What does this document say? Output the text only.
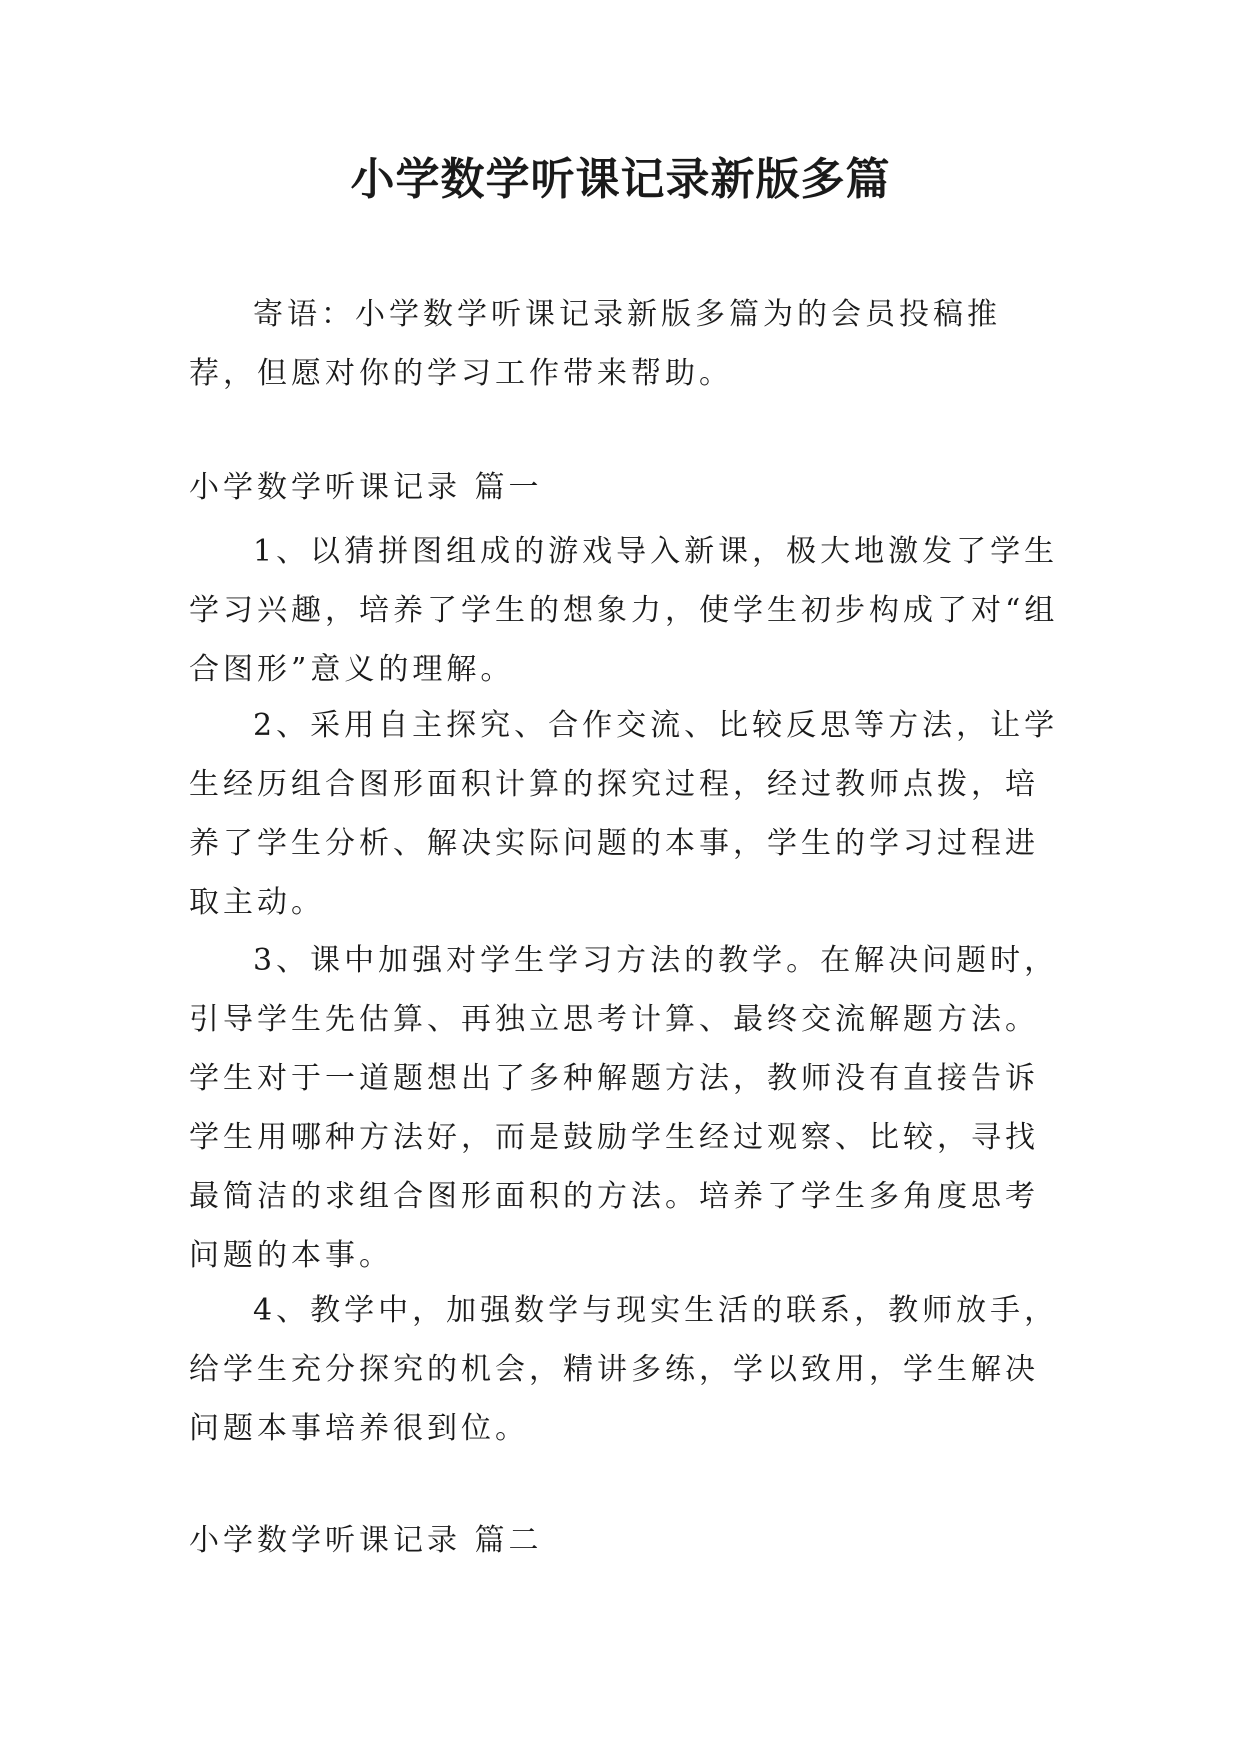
小学数学听课记录新版多篇

寄语：小学数学听课记录新版多篇为的会员投稿推荐，但愿对你的学习工作带来帮助。

小学数学听课记录 篇一

1、以猜拼图组成的游戏导入新课，极大地激发了学生学习兴趣，培养了学生的想象力，使学生初步构成了对“组合图形”意义的理解。

2、采用自主探究、合作交流、比较反思等方法，让学生经历组合图形面积计算的探究过程，经过教师点拨，培养了学生分析、解决实际问题的本事，学生的学习过程进取主动。

3、课中加强对学生学习方法的教学。在解决问题时，引导学生先估算、再独立思考计算、最终交流解题方法。学生对于一道题想出了多种解题方法，教师没有直接告诉学生用哪种方法好，而是鼓励学生经过观察、比较，寻找最简洁的求组合图形面积的方法。培养了学生多角度思考问题的本事。

4、教学中，加强数学与现实生活的联系，教师放手，给学生充分探究的机会，精讲多练，学以致用，学生解决问题本事培养很到位。

小学数学听课记录 篇二
